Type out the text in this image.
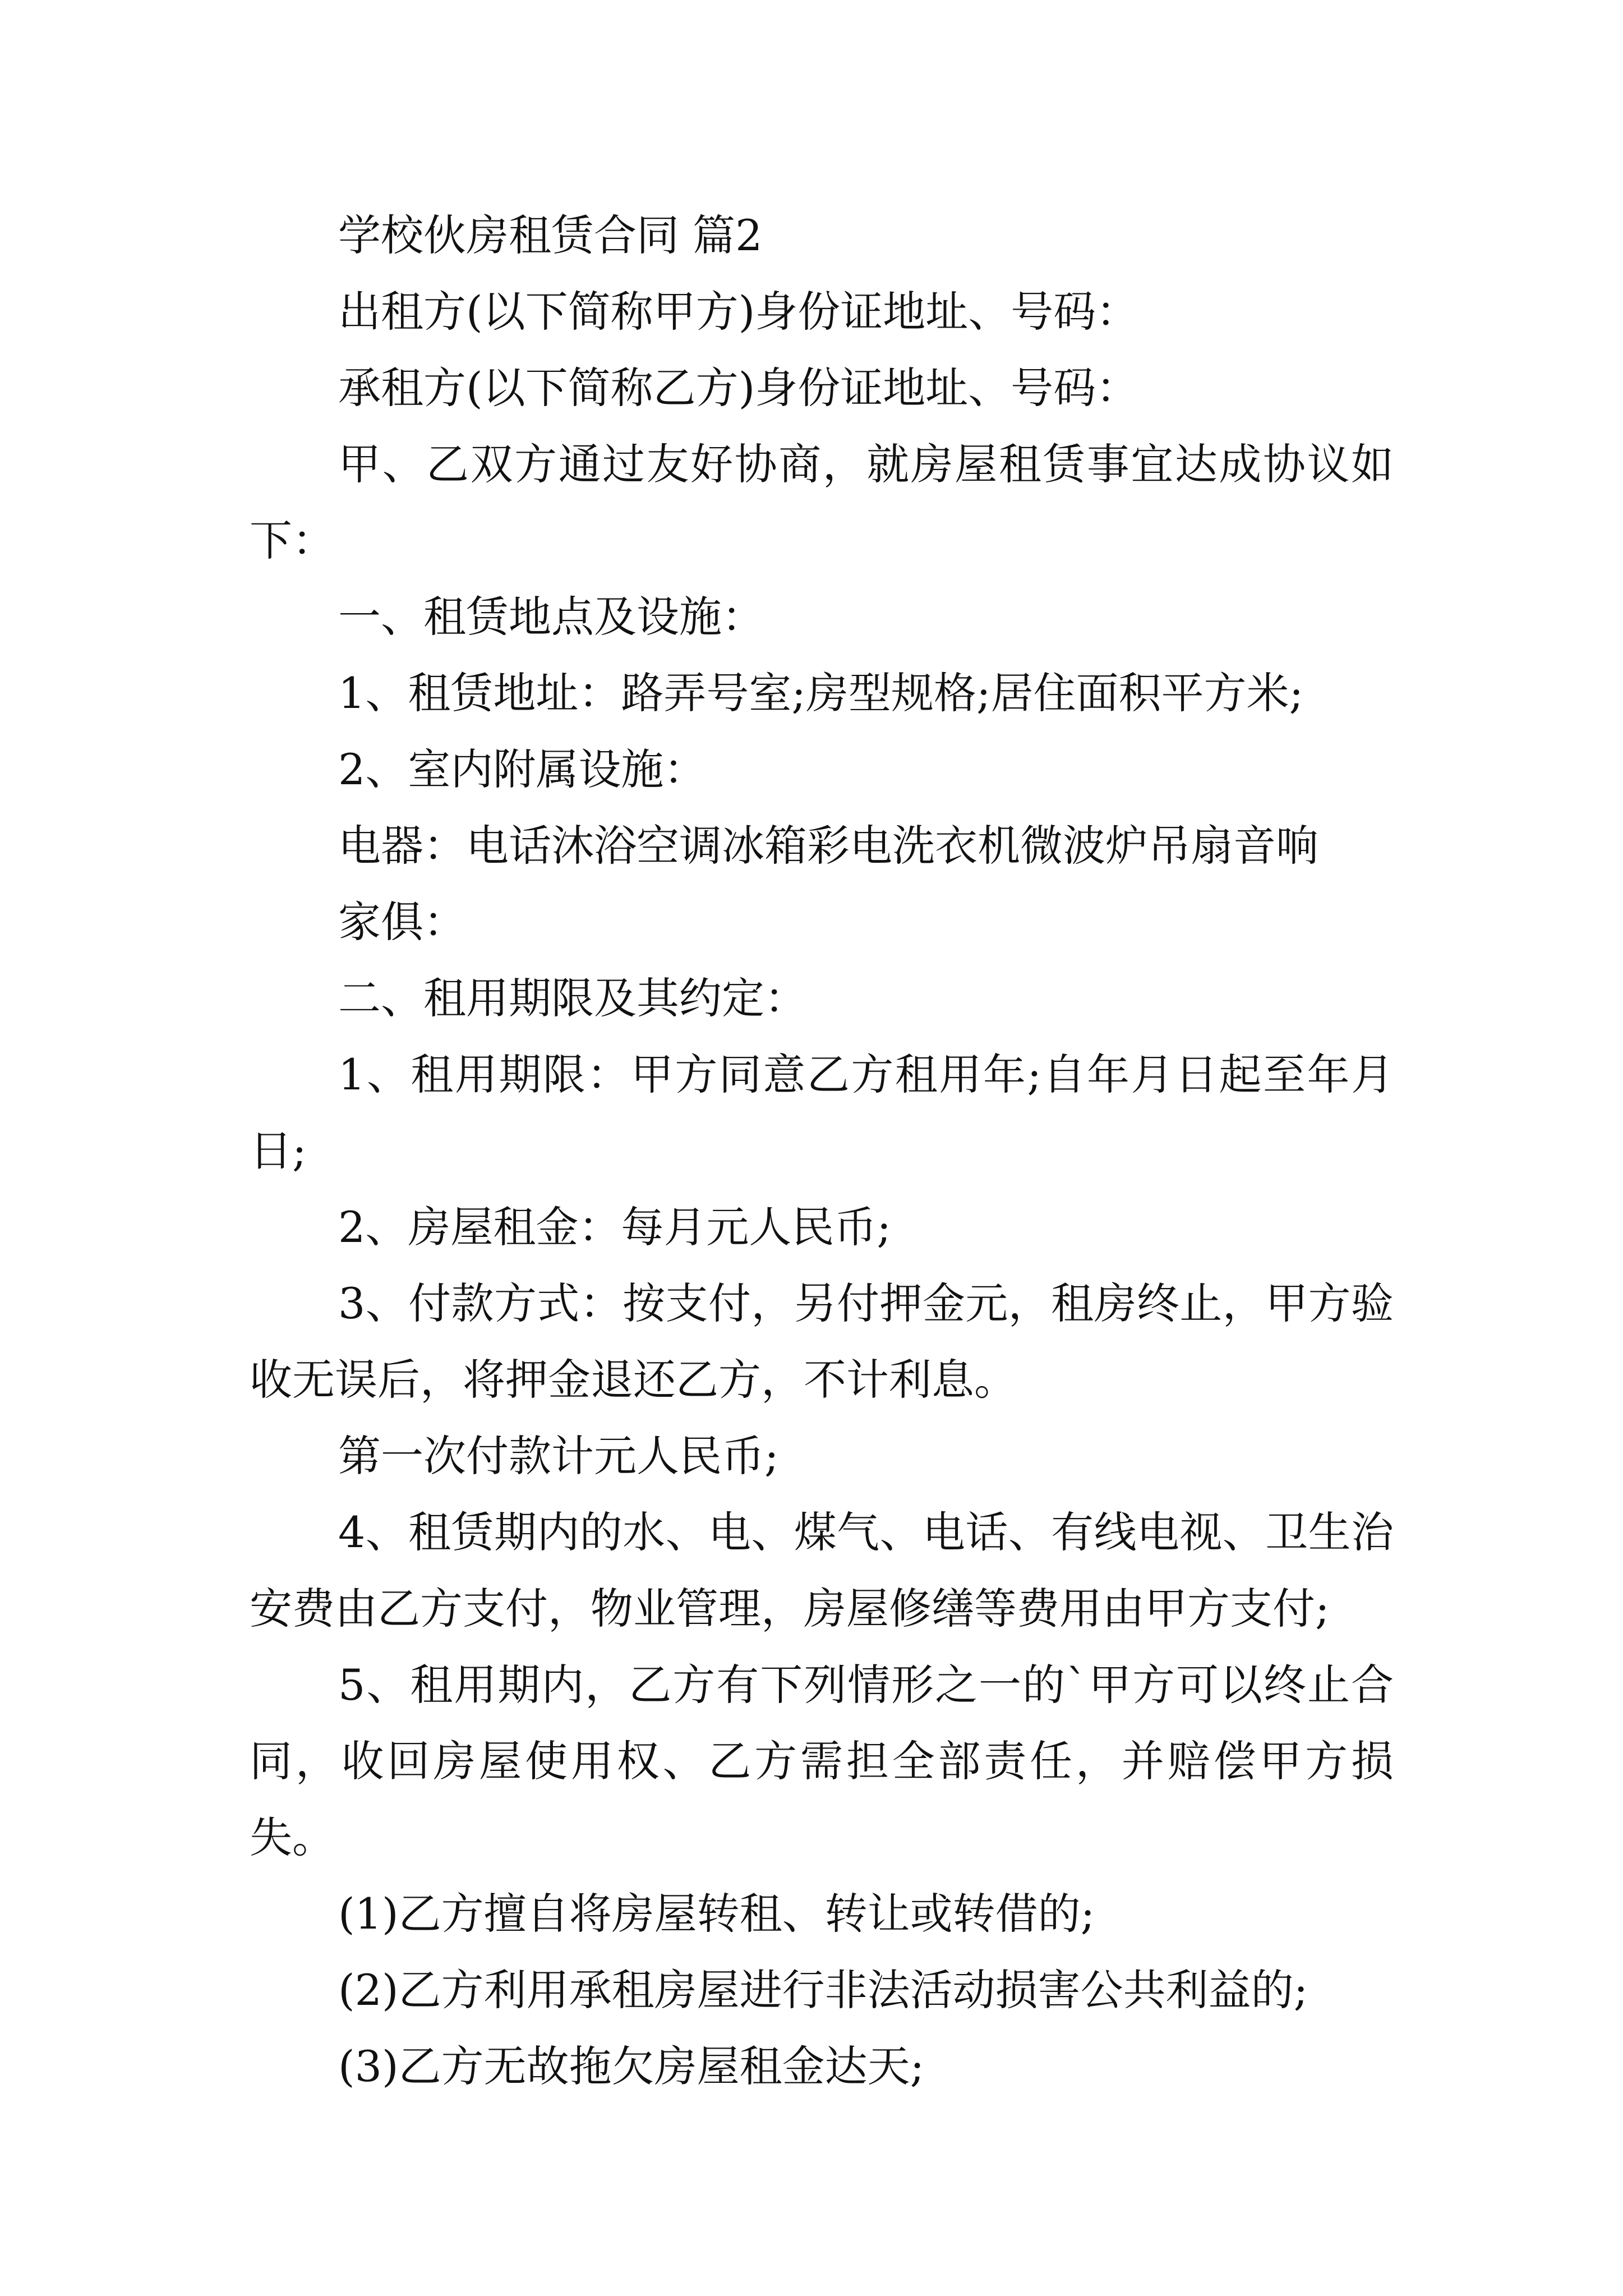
学校伙房租赁合同 篇2

出租方(以下简称甲方)身份证地址、号码：

承租方(以下简称乙方)身份证地址、号码：

甲、乙双方通过友好协商，就房屋租赁事宜达成协议如下：

一、租赁地点及设施：

1、租赁地址：路弄号室;房型规格;居住面积平方米;

2、室内附属设施：

电器：电话沐浴空调冰箱彩电洗衣机微波炉吊扇音响

家俱：

二、租用期限及其约定：

1、租用期限：甲方同意乙方租用年;自年月日起至年月日;

2、房屋租金：每月元人民币;

3、付款方式：按支付，另付押金元，租房终止，甲方验收无误后，将押金退还乙方，不计利息。

第一次付款计元人民币;

4、租赁期内的水、电、煤气、电话、有线电视、卫生治安费由乙方支付，物业管理，房屋修缮等费用由甲方支付;

5、租用期内，乙方有下列情形之一的`甲方可以终止合同，收回房屋使用权、乙方需担全部责任，并赔偿甲方损失。

(1)乙方擅自将房屋转租、转让或转借的;

(2)乙方利用承租房屋进行非法活动损害公共利益的;

(3)乙方无故拖欠房屋租金达天;
